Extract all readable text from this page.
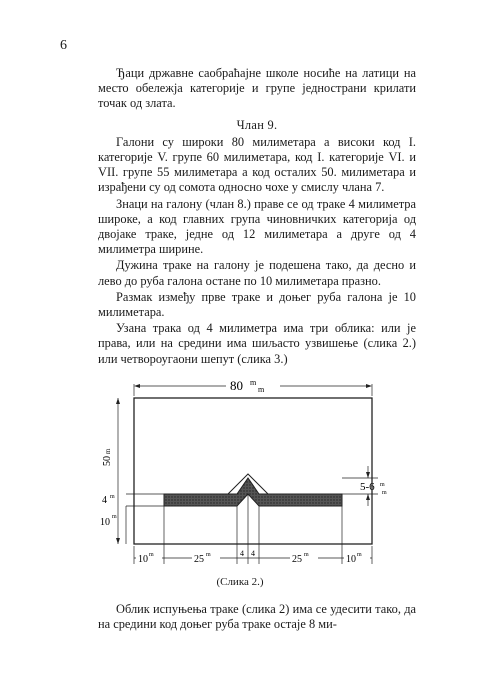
6

Ђаци државне саобраћајне школе носиће на латици на место обележја категорије и групе једнострани крилати точак од злата.

Члан 9.

Галони су широки 80 милиметара а високи код I. категорије V. групе 60 милиметара, код I. категорије VI. и VII. групе 55 милиметара а код осталих 50. милиметара и израђени су од сомота односно чохе у смислу члана 7.

Знаци на галону (члан 8.) праве се од траке 4 милиметра широке, а код главних група чиновничких категорија од двојаке траке, једне од 12 милиметара а друге од 4 милиметра ширине.

Дужина траке на галону је подешена тако, да десно и лево до руба галона остане по 10 милиметара празно.

Размак између прве траке и доњег руба галона је 10 милиметара.

Узана трака од 4 милиметра има три облика: или је права, или на средини има шиљасто узвишење (слика 2.) или четвороугаони шепут (слика 3.)

80 m
m
50
m
4 m
10 m
5-6 m
m
10 m	25 m	4 4
25 m	10 m
(Слика 2.)

Облик испуњења траке (слика 2) има се удесити тако, да на средини код доњег руба траке остаје 8 ми-
